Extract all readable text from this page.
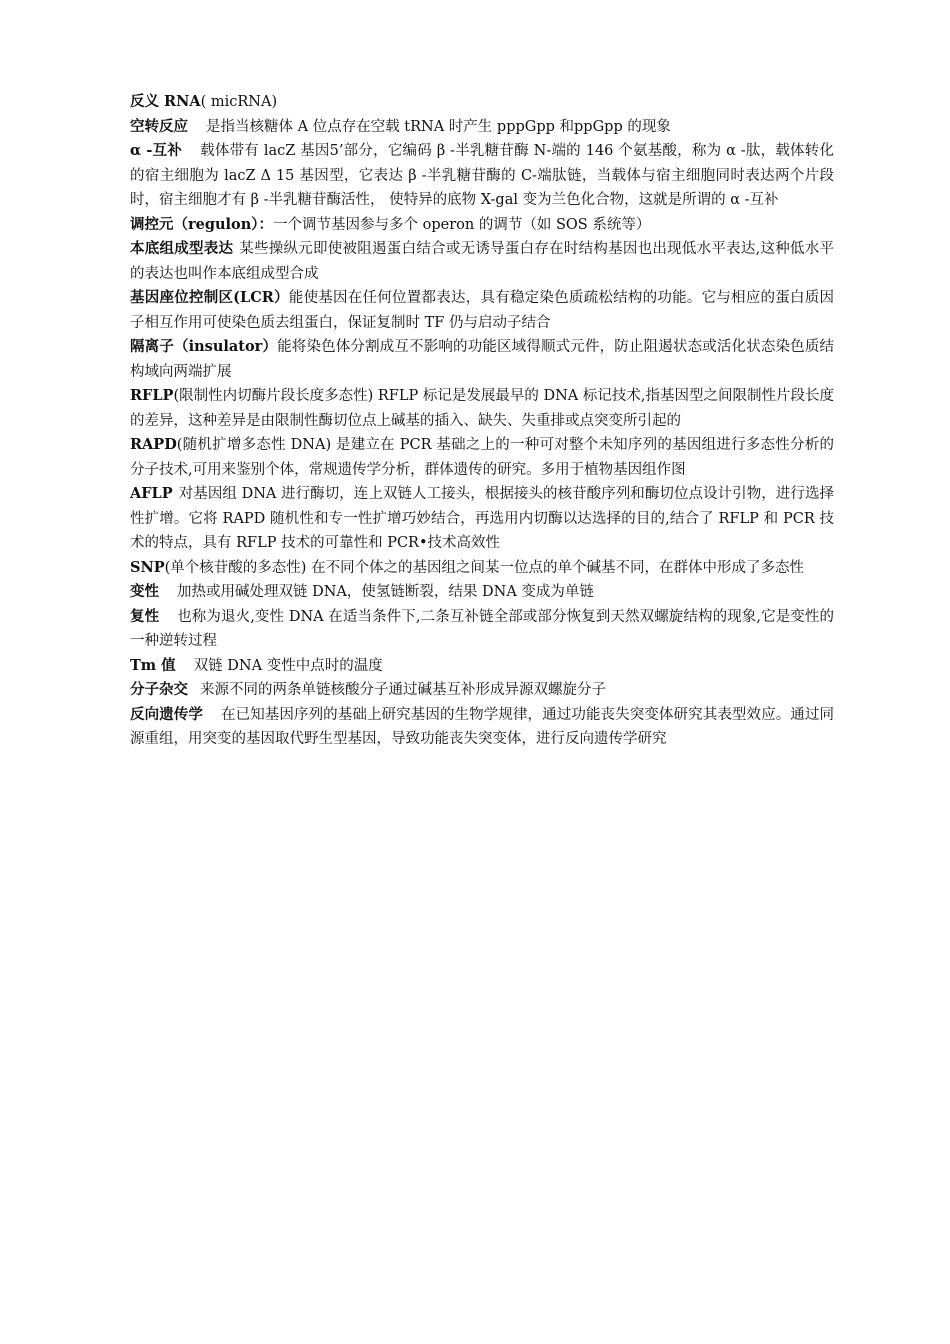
反义 RNA( micRNA)

空转反应 是指当核糖体 A 位点存在空载 tRNA 时产生 pppGpp 和ppGpp 的现象

α -互补 载体带有 lacZ 基因5’部分，它编码 β -半乳糖苷酶 N-端的 146 个氨基酸，称为 α -肽，载体转化的宿主细胞为 lacZ Δ 15 基因型，它表达 β -半乳糖苷酶的 C-端肽链，当载体与宿主细胞同时表达两个片段时，宿主细胞才有 β -半乳糖苷酶活性， 使特异的底物 X-gal 变为兰色化合物，这就是所谓的 α -互补

调控元（regulon）：一个调节基因参与多个 operon 的调节（如 SOS 系统等）

本底组成型表达 某些操纵元即使被阻遏蛋白结合或无诱导蛋白存在时结构基因也出现低水平表达,这种低水平的表达也叫作本底组成型合成

基因座位控制区(LCR）能使基因在任何位置都表达，具有稳定染色质疏松结构的功能。它与相应的蛋白质因子相互作用可使染色质去组蛋白，保证复制时 TF 仍与启动子结合

隔离子（insulator）能将染色体分割成互不影响的功能区域得顺式元件，防止阻遏状态或活化状态染色质结构域向两端扩展

RFLP(限制性内切酶片段长度多态性) RFLP 标记是发展最早的 DNA 标记技术,指基因型之间限制性片段长度的差异，这种差异是由限制性酶切位点上碱基的插入、缺失、失重排或点突变所引起的

RAPD(随机扩增多态性 DNA) 是建立在 PCR 基础之上的一种可对整个未知序列的基因组进行多态性分析的分子技术,可用来鉴别个体，常规遗传学分析，群体遗传的研究。多用于植物基因组作图

AFLP 对基因组 DNA 进行酶切，连上双链人工接头，根据接头的核苷酸序列和酶切位点设计引物，进行选择性扩增。它将 RAPD 随机性和专一性扩增巧妙结合，再选用内切酶以达选择的目的,结合了 RFLP 和 PCR 技术的特点，具有 RFLP 技术的可靠性和 PCR•技术高效性

SNP(单个核苷酸的多态性) 在不同个体之的基因组之间某一位点的单个碱基不同，在群体中形成了多态性

变性 加热或用碱处理双链 DNA，使氢链断裂，结果 DNA 变成为单链

复性 也称为退火,变性 DNA 在适当条件下,二条互补链全部或部分恢复到天然双螺旋结构的现象,它是变性的一种逆转过程

Tm 值 双链 DNA 变性中点时的温度

分子杂交 来源不同的两条单链核酸分子通过碱基互补形成异源双螺旋分子

反向遗传学 在已知基因序列的基础上研究基因的生物学规律，通过功能丧失突变体研究其表型效应。通过同源重组，用突变的基因取代野生型基因，导致功能丧失突变体，进行反向遗传学研究
